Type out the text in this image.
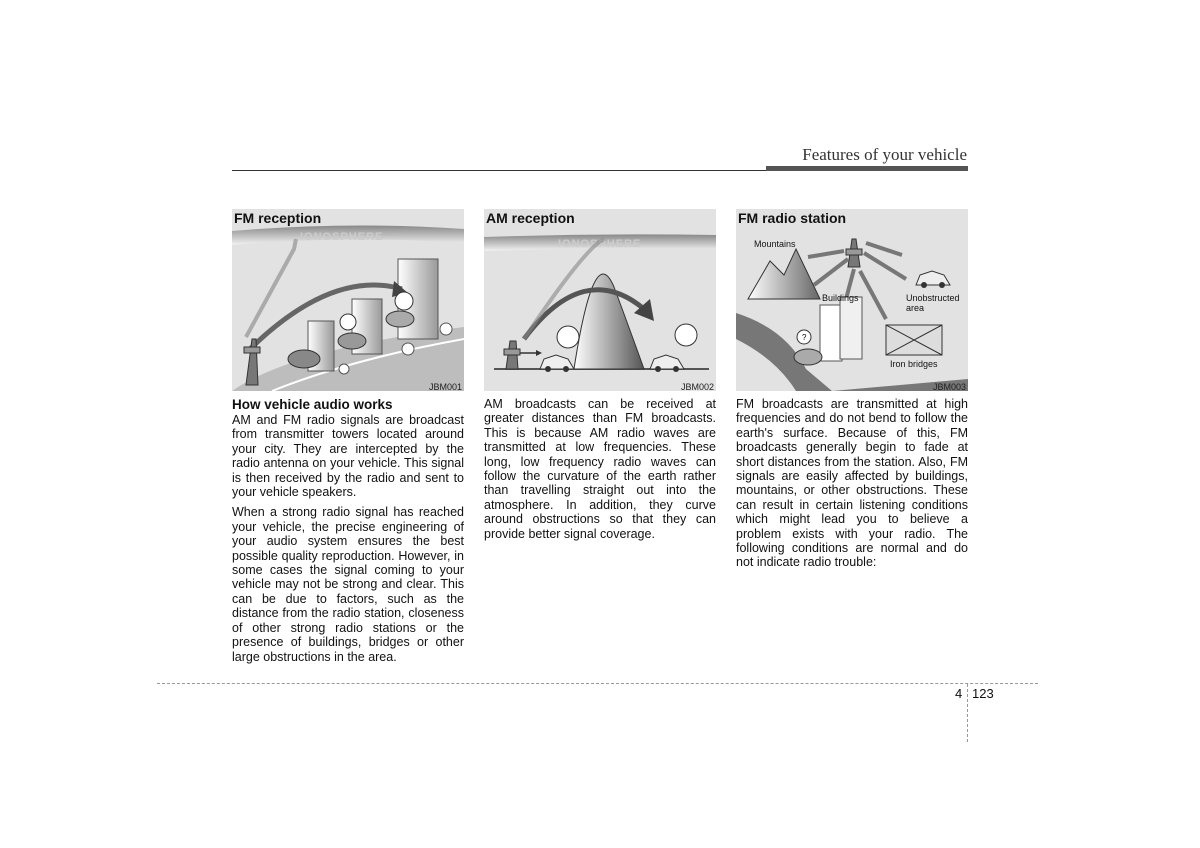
Features of your vehicle
IONOSPHERE
FM reception
JBM001
How vehicle audio works

AM and FM radio signals are broadcast from transmitter towers located around your city. They are intercepted by the radio antenna on your vehicle. This signal is then received by the radio and sent to your vehicle speakers.

When a strong radio signal has reached your vehicle, the precise engineering of your audio system ensures the best possible quality reproduction. However, in some cases the signal coming to your vehicle may not be strong and clear. This can be due to factors, such as the distance from the radio station, closeness of other strong radio stations or the presence of buildings, bridges or other large obstructions in the area.

IONOSPHERE
AM reception
JBM002

AM broadcasts can be received at greater distances than FM broadcasts. This is because AM radio waves are transmitted at low frequencies. These long, low frequency radio waves can follow the curvature of the earth rather than travelling straight out into the atmosphere. In addition, they curve around obstructions so that they can provide better signal coverage.

?
FM radio station
Mountains
Buildings	Unobstructed
area
Iron bridges
JBM003

FM broadcasts are transmitted at high frequencies and do not bend to follow the earth's surface. Because of this, FM broadcasts generally begin to fade at short distances from the station. Also, FM signals are easily affected by buildings, mountains, or other obstructions. These can result in certain listening conditions which might lead you to believe a problem exists with your radio. The following conditions are normal and do not indicate radio trouble:

4 123
